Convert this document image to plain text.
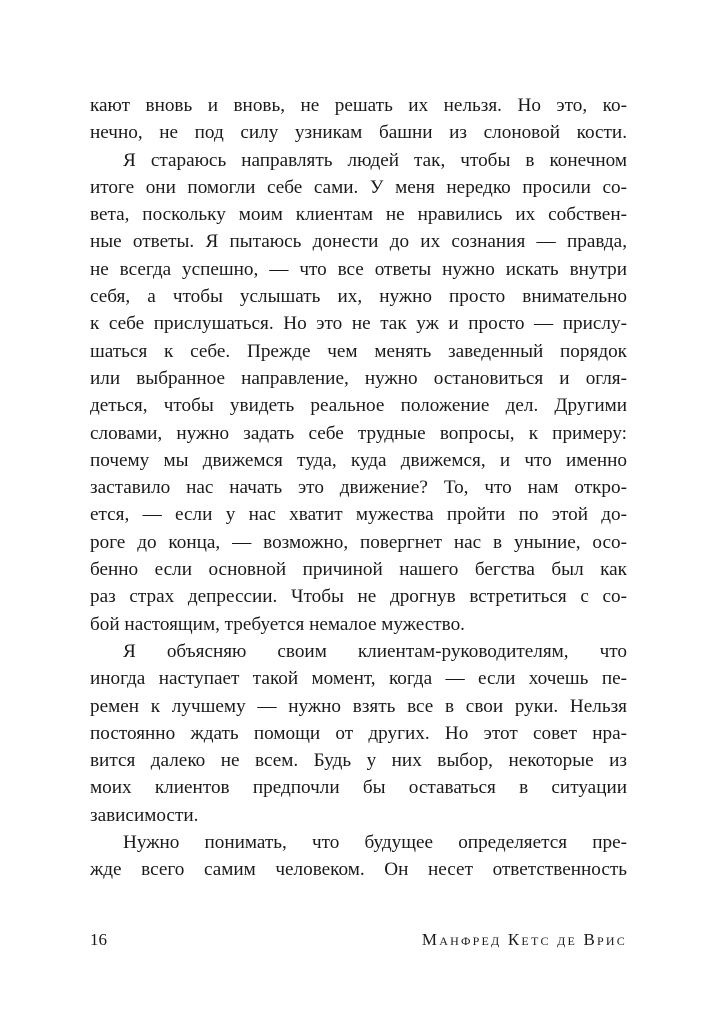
кают вновь и вновь, не решать их нельзя. Но это, ко-
нечно, не под силу узникам башни из слоновой кости.
Я стараюсь направлять людей так, чтобы в конечном
итоге они помогли себе сами. У меня нередко просили со-
вета, поскольку моим клиентам не нравились их собствен-
ные ответы. Я пытаюсь донести до их сознания — правда,
не всегда успешно, — что все ответы нужно искать внутри
себя, а чтобы услышать их, нужно просто внимательно
к себе прислушаться. Но это не так уж и просто — прислу-
шаться к себе. Прежде чем менять заведенный порядок
или выбранное направление, нужно остановиться и огля-
деться, чтобы увидеть реальное положение дел. Другими
словами, нужно задать себе трудные вопросы, к примеру:
почему мы движемся туда, куда движемся, и что именно
заставило нас начать это движение? То, что нам откро-
ется, — если у нас хватит мужества пройти по этой до-
роге до конца, — возможно, повергнет нас в уныние, осо-
бенно если основной причиной нашего бегства был как
раз страх депрессии. Чтобы не дрогнув встретиться с со-
бой настоящим, требуется немалое мужество.
Я объясняю своим клиентам-руководителям, что
иногда наступает такой момент, когда — если хочешь пе-
ремен к лучшему — нужно взять все в свои руки. Нельзя
постоянно ждать помощи от других. Но этот совет нра-
вится далеко не всем. Будь у них выбор, некоторые из
моих клиентов предпочли бы оставаться в ситуации
зависимости.
Нужно понимать, что будущее определяется пре-
жде всего самим человеком. Он несет ответственность
16	Манфред Кетс де Врис
